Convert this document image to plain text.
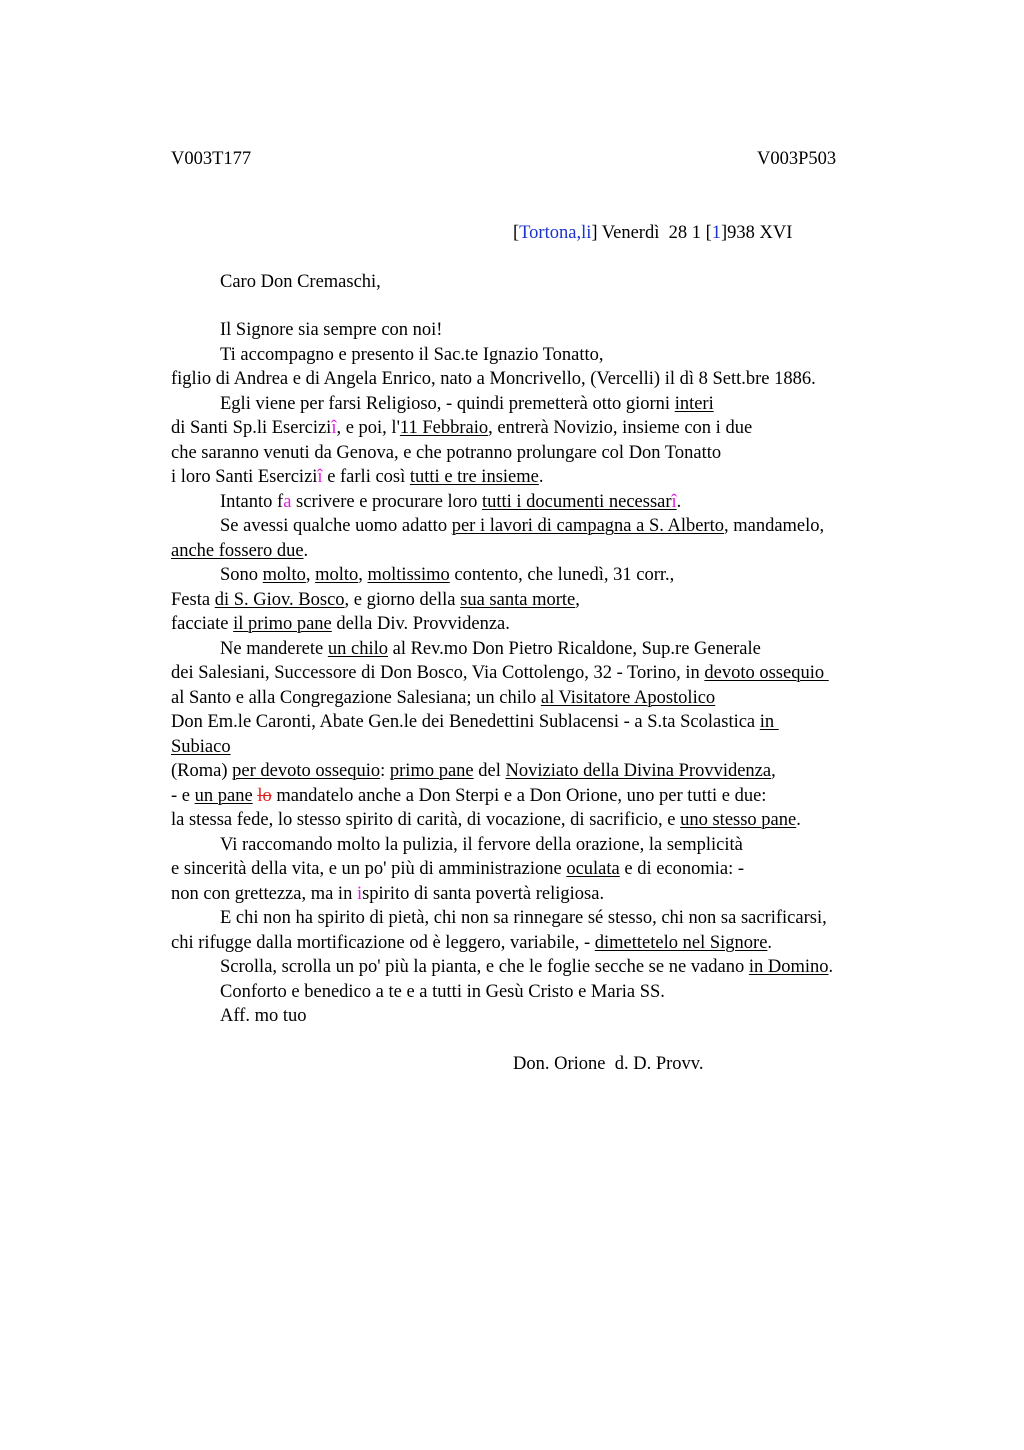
V003T177	V003P503
[Tortona,li] Venerdì  28 1 [1]938 XVI
Caro Don Cremaschi,
Il Signore sia sempre con noi!
Ti accompagno e presento il Sac.te Ignazio Tonatto,
figlio di Andrea e di Angela Enrico, nato a Moncrivello, (Vercelli) il dì 8 Sett.bre 1886.
Egli viene per farsi Religioso, - quindi premetterà otto giorni interi
di Santi Sp.li Eserciziî, e poi, l'11 Febbraio, entrerà Novizio, insieme con i due
che saranno venuti da Genova, e che potranno prolungare col Don Tonatto
i loro Santi Eserciziî e farli così tutti e tre insieme.
Intanto fa scrivere e procurare loro tutti i documenti necessarî.
Se avessi qualche uomo adatto per i lavori di campagna a S. Alberto, mandamelo,
anche fossero due.
Sono molto, molto, moltissimo contento, che lunedì, 31 corr.,
Festa di S. Giov. Bosco, e giorno della sua santa morte,
facciate il primo pane della Div. Provvidenza.
Ne manderete un chilo al Rev.mo Don Pietro Ricaldone, Sup.re Generale
dei Salesiani, Successore di Don Bosco, Via Cottolengo, 32 - Torino, in devoto ossequio
al Santo e alla Congregazione Salesiana; un chilo al Visitatore Apostolico
Don Em.le Caronti, Abate Gen.le dei Benedettini Sublacensi - a S.ta Scolastica in
Subiaco
(Roma) per devoto ossequio: primo pane del Noviziato della Divina Provvidenza,
- e un pane lo mandatelo anche a Don Sterpi e a Don Orione, uno per tutti e due:
la stessa fede, lo stesso spirito di carità, di vocazione, di sacrificio, e uno stesso pane.
Vi raccomando molto la pulizia, il fervore della orazione, la semplicità
e sincerità della vita, e un po' più di amministrazione oculata e di economia: -
non con grettezza, ma in ispirito di santa povertà religiosa.
E chi non ha spirito di pietà, chi non sa rinnegare sé stesso, chi non sa sacrificarsi,
chi rifugge dalla mortificazione od è leggero, variabile, - dimettetelo nel Signore.
Scrolla, scrolla un po' più la pianta, e che le foglie secche se ne vadano in Domino.
Conforto e benedico a te e a tutti in Gesù Cristo e Maria SS.
Aff. mo tuo
Don. Orione  d. D. Provv.
